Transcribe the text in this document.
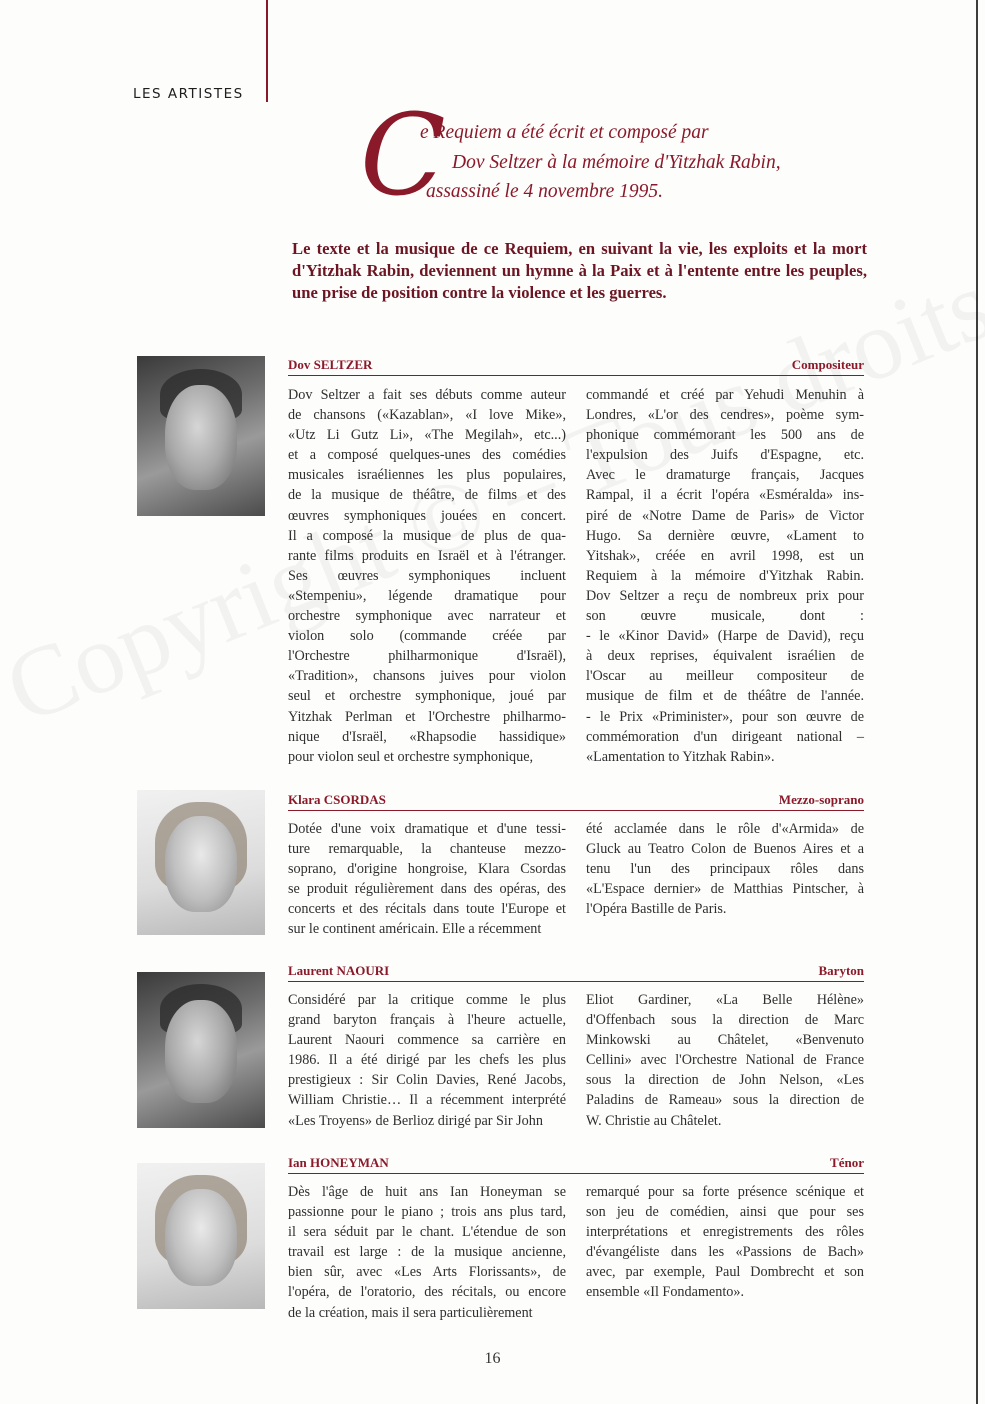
LES ARTISTES C
e Requiem a été écrit et composé par
Dov Seltzer à la mémoire d'Yitzhak Rabin,
assassiné le 4 novembre 1995.
Le texte et la musique de ce Requiem, en suivant la vie, les exploits et la mort d'Yitzhak Rabin, deviennent un hymne à la Paix et à l'entente entre les peuples, une prise de position contre la violence et les guerres.
Dov SELTZER	Compositeur
Dov Seltzer a fait ses débuts comme auteur
de chansons («Kazablan», «I love Mike»,
«Utz Li Gutz Li», «The Megilah», etc...)
et a composé quelques-unes des comédies
musicales israéliennes les plus populaires,
de la musique de théâtre, de films et des
œuvres symphoniques jouées en concert.
Il a composé la musique de plus de qua-
rante films produits en Israël et à l'étranger.
Ses œuvres symphoniques incluent
«Stempeniu», légende dramatique pour
orchestre symphonique avec narrateur et
violon solo (commande créée par
l'Orchestre philharmonique d'Israël),
«Tradition», chansons juives pour violon
seul et orchestre symphonique, joué par
Yitzhak Perlman et l'Orchestre philharmo-
nique d'Israël, «Rhapsodie hassidique»
pour violon seul et orchestre symphonique,
commandé et créé par Yehudi Menuhin à
Londres, «L'or des cendres», poème sym-
phonique commémorant les 500 ans de
l'expulsion des Juifs d'Espagne, etc.
Avec le dramaturge français, Jacques
Rampal, il a écrit l'opéra «Esméralda» ins-
piré de «Notre Dame de Paris» de Victor
Hugo. Sa dernière œuvre, «Lament to
Yitshak», créée en avril 1998, est un
Requiem à la mémoire d'Yitzhak Rabin.
Dov Seltzer a reçu de nombreux prix pour
son œuvre musicale, dont :
- le «Kinor David» (Harpe de David), reçu
à deux reprises, équivalent israélien de
l'Oscar au meilleur compositeur de
musique de film et de théâtre de l'année.
- le Prix «Priminister», pour son œuvre de
commémoration d'un dirigeant national –
«Lamentation to Yitzhak Rabin».
Klara CSORDAS	Mezzo-soprano
Dotée d'une voix dramatique et d'une tessi-
ture remarquable, la chanteuse mezzo-
soprano, d'origine hongroise, Klara Csordas
se produit régulièrement dans des opéras, des
concerts et des récitals dans toute l'Europe et
sur le continent américain. Elle a récemment
été acclamée dans le rôle d'«Armida» de
Gluck au Teatro Colon de Buenos Aires et a
tenu l'un des principaux rôles dans
«L'Espace dernier» de Matthias Pintscher, à
l'Opéra Bastille de Paris.
Laurent NAOURI	Baryton
Considéré par la critique comme le plus
grand baryton français à l'heure actuelle,
Laurent Naouri commence sa carrière en
1986. Il a été dirigé par les chefs les plus
prestigieux : Sir Colin Davies, René Jacobs,
William Christie… Il a récemment interprété
«Les Troyens» de Berlioz dirigé par Sir John
Eliot Gardiner, «La Belle Hélène»
d'Offenbach sous la direction de Marc
Minkowski au Châtelet, «Benvenuto
Cellini» avec l'Orchestre National de France
sous la direction de John Nelson, «Les
Paladins de Rameau» sous la direction de
W. Christie au Châtelet.
Ian HONEYMAN	Ténor
Dès l'âge de huit ans Ian Honeyman se
passionne pour le piano ; trois ans plus tard,
il sera séduit par le chant. L'étendue de son
travail est large : de la musique ancienne,
bien sûr, avec «Les Arts Florissants», de
l'opéra, de l'oratorio, des récitals, ou encore
de la création, mais il sera particulièrement
remarqué pour sa forte présence scénique et
son jeu de comédien, ainsi que pour ses
interprétations et enregistrements des rôles
d'évangéliste dans les «Passions de Bach»
avec, par exemple, Paul Dombrecht et son
ensemble «Il Fondamento».
16
